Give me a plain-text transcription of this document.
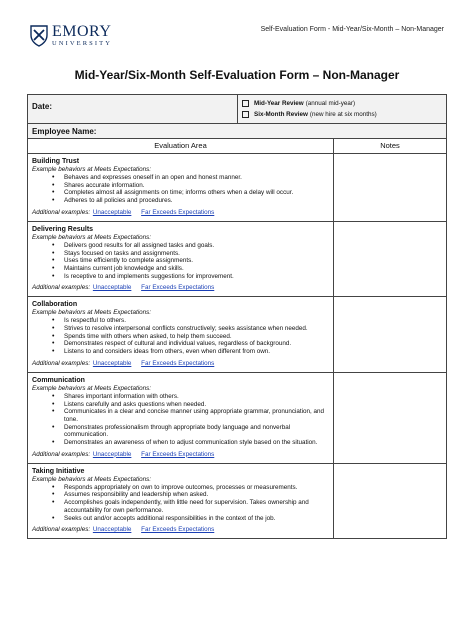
EMORY
UNIVERSITY
Self-Evaluation Form - Mid-Year/Six-Month – Non-Manager
Mid-Year/Six-Month Self-Evaluation Form – Non-Manager
Date:	Mid-Year Review (annual mid-year)
Six-Month Review (new hire at six months)
Employee Name:
Evaluation Area	Notes
Building Trust
Example behaviors at Meets Expectations:
• Behaves and expresses oneself in an open and honest manner.
• Shares accurate information.
• Completes almost all assignments on time; informs others when a delay will occur.
• Adheres to all policies and procedures.
Additional examples: Unacceptable Far Exceeds Expectations
Delivering Results
Example behaviors at Meets Expectations:
• Delivers good results for all assigned tasks and goals.
• Stays focused on tasks and assignments.
• Uses time efficiently to complete assignments.
• Maintains current job knowledge and skills.
• Is receptive to and implements suggestions for improvement.
Additional examples: Unacceptable Far Exceeds Expectations
Collaboration
Example behaviors at Meets Expectations:
• Is respectful to others.
• Strives to resolve interpersonal conflicts constructively; seeks assistance when needed.
• Spends time with others when asked, to help them succeed.
• Demonstrates respect of cultural and individual values, regardless of background.
• Listens to and considers ideas from others, even when different from own.
Additional examples: Unacceptable Far Exceeds Expectations
Communication
Example behaviors at Meets Expectations:
• Shares important information with others.
• Listens carefully and asks questions when needed.
• Communicates in a clear and concise manner using appropriate grammar, pronunciation, and tone.
• Demonstrates professionalism through appropriate body language and nonverbal communication.
• Demonstrates an awareness of when to adjust communication style based on the situation.
Additional examples: Unacceptable Far Exceeds Expectations
Taking Initiative
Example behaviors at Meets Expectations:
• Responds appropriately on own to improve outcomes, processes or measurements.
• Assumes responsibility and leadership when asked.
• Accomplishes goals independently, with little need for supervision. Takes ownership and accountability for own performance.
• Seeks out and/or accepts additional responsibilities in the context of the job.
Additional examples: Unacceptable Far Exceeds Expectations
